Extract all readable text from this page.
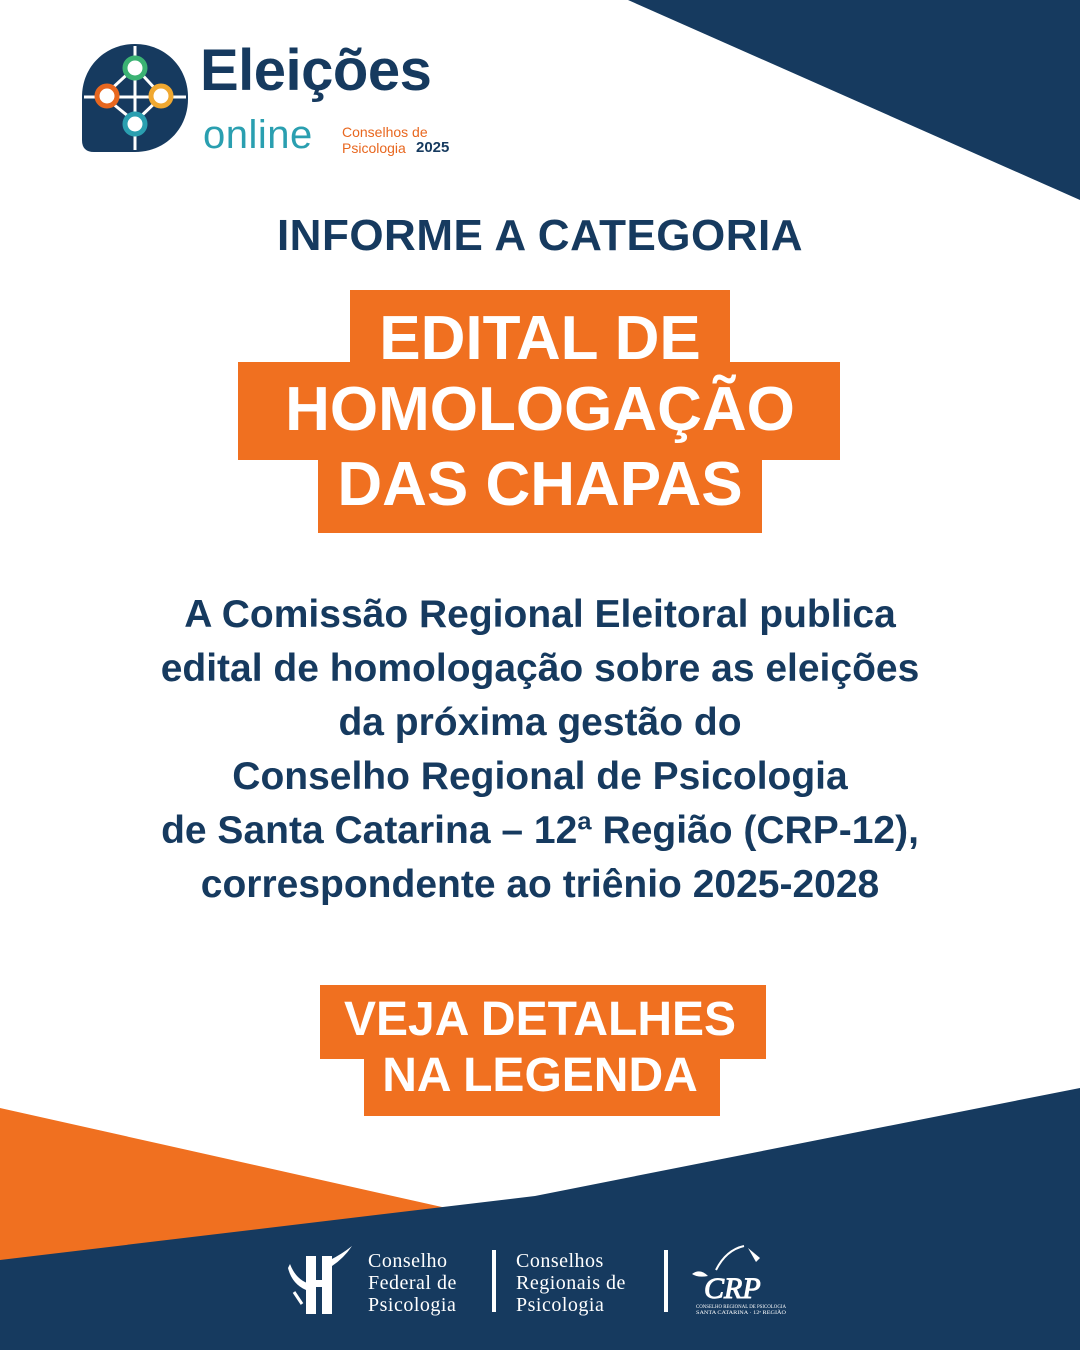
Eleições
online Conselhos de
Psicologia 2025
INFORME A CATEGORIA
EDITAL DE
HOMOLOGAÇÃO
DAS CHAPAS
A Comissão Regional Eleitoral publica
edital de homologação sobre as eleições
da próxima gestão do
Conselho Regional de Psicologia
de Santa Catarina – 12ª Região (CRP-12),
correspondente ao triênio 2025-2028
VEJA DETALHES
NA LEGENDA
Conselho
Federal de
Psicologia
Conselhos
Regionais de
Psicologia	CRP
CONSELHO REGIONAL DE PSICOLOGIA
SANTA CATARINA · 12ª REGIÃO
